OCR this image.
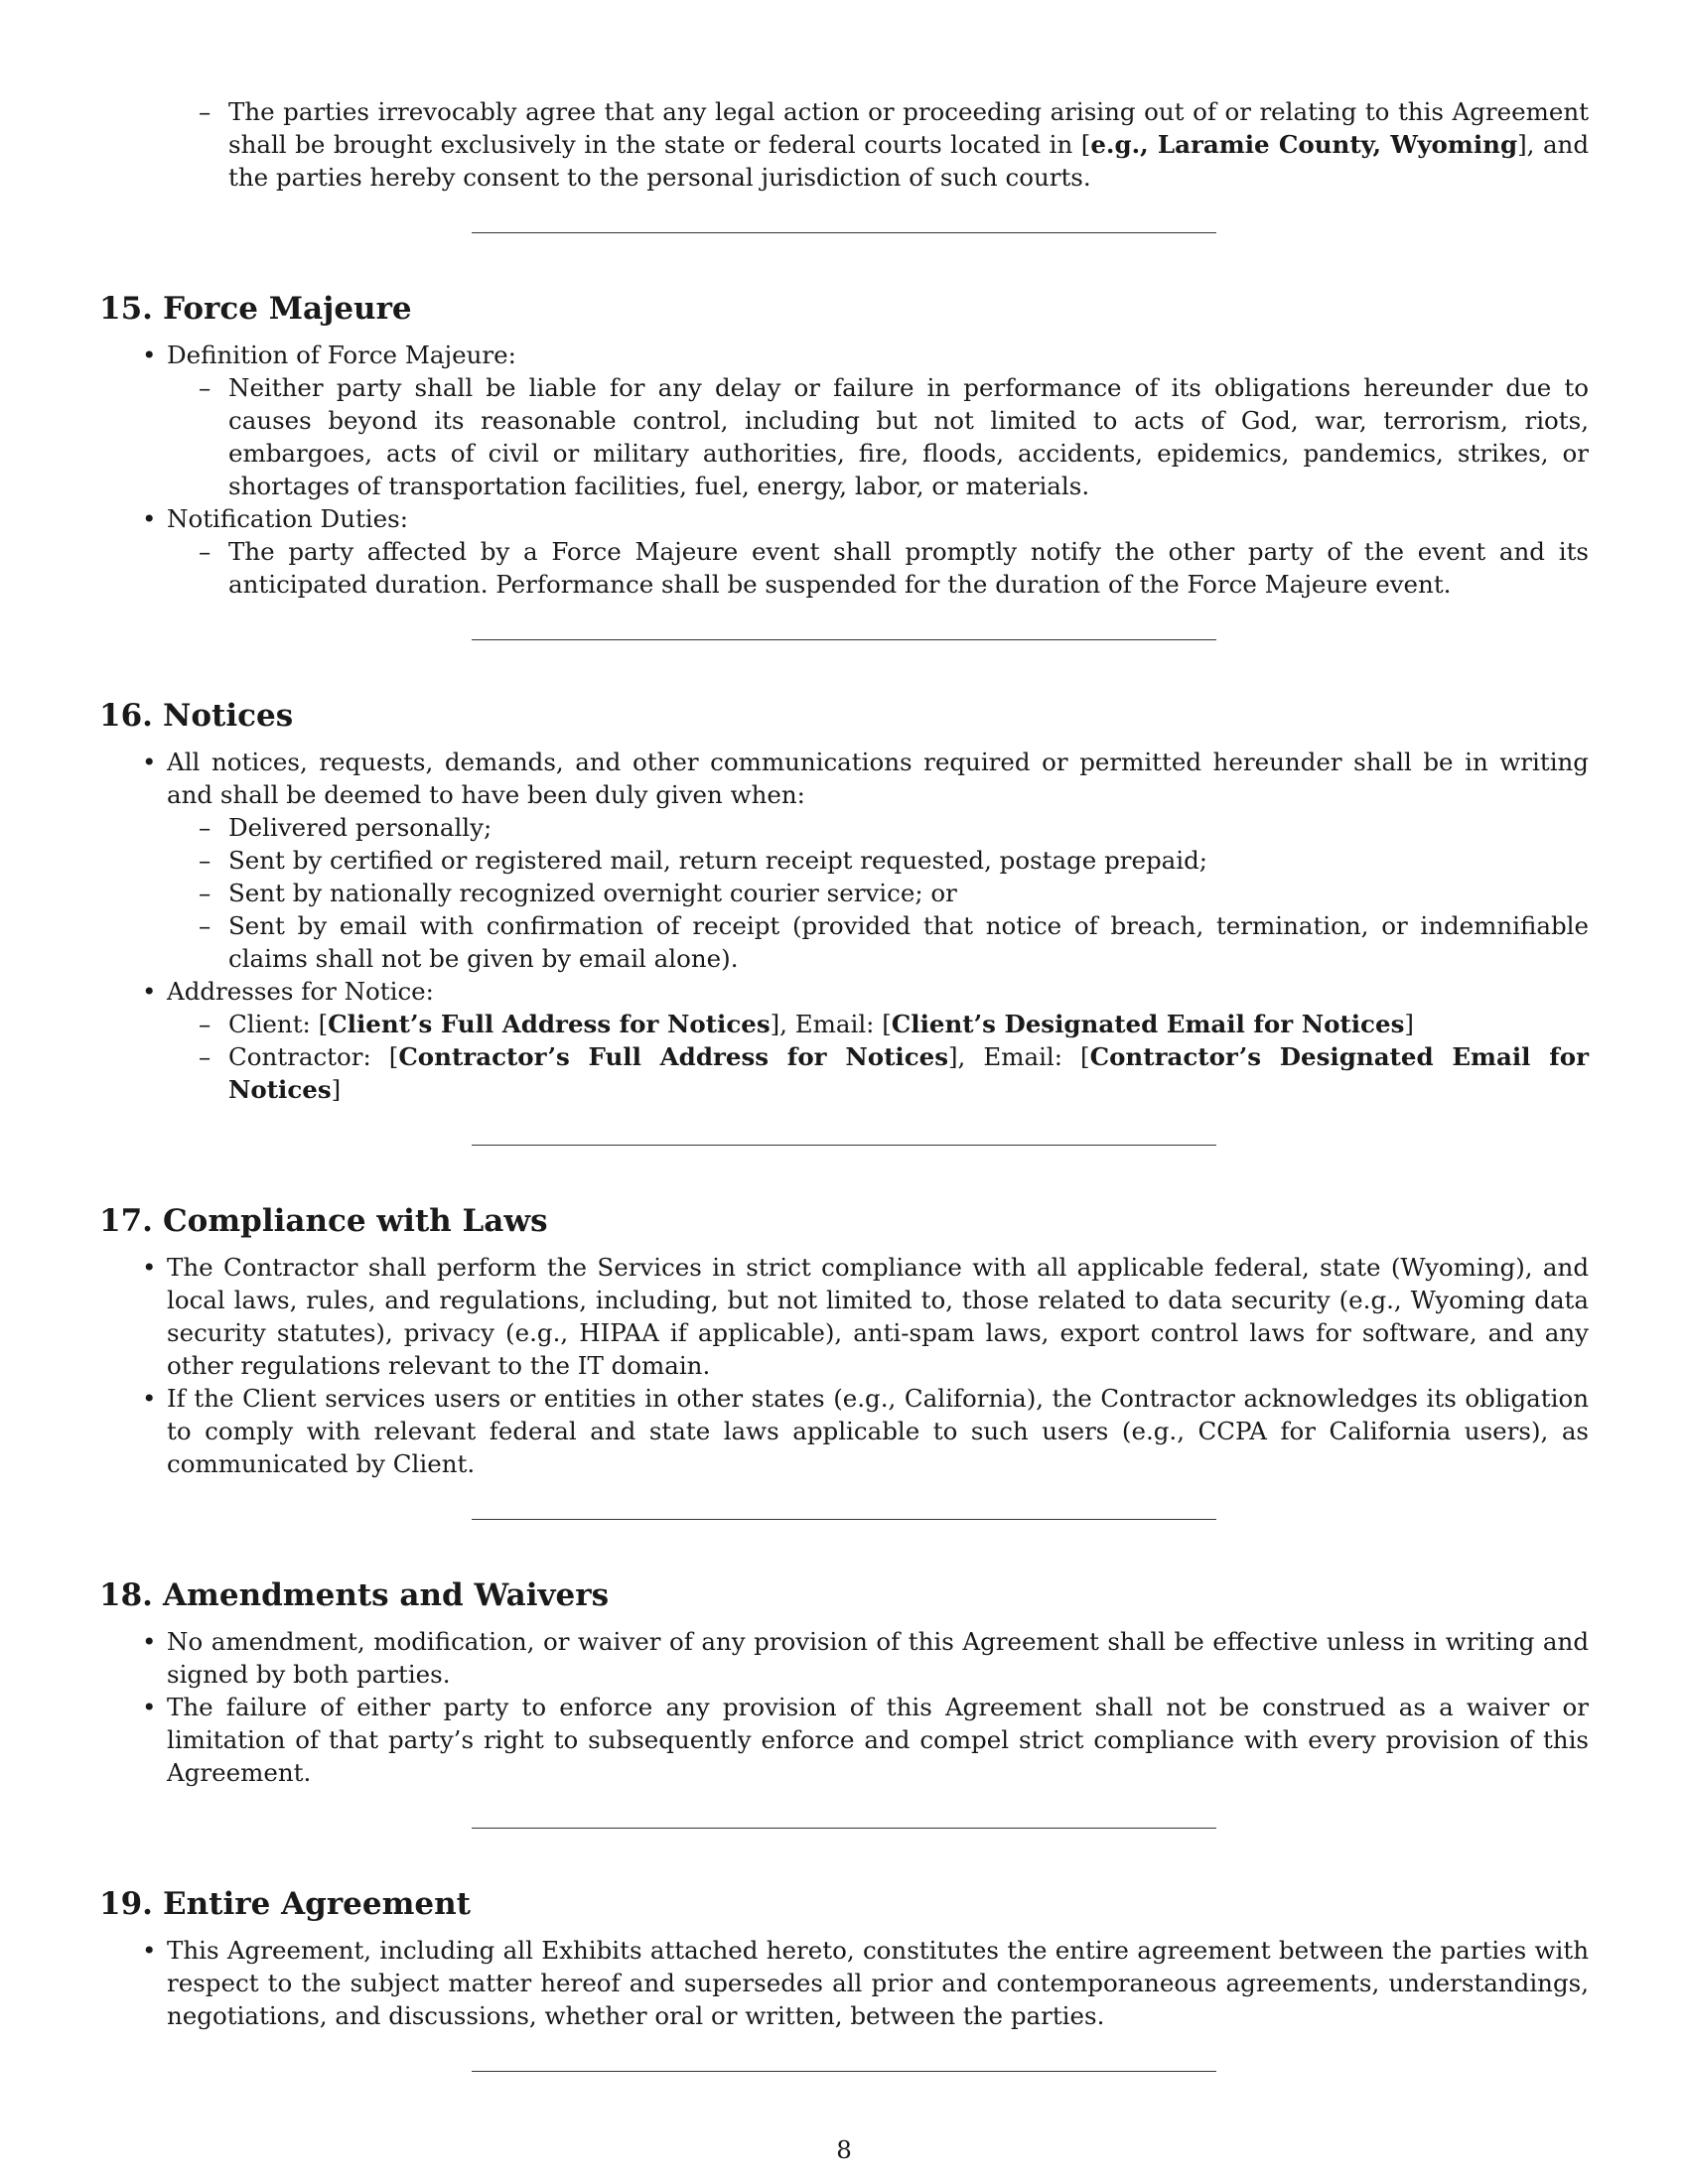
– The parties irrevocably agree that any legal action or proceeding arising out of or relating to this Agreement shall be brought exclusively in the state or federal courts located in [e.g., Laramie County, Wyoming], and the parties hereby consent to the personal jurisdiction of such courts.

15. Force Majeure

• Definition of Force Majeure:

– Neither party shall be liable for any delay or failure in performance of its obligations hereunder due to causes beyond its reasonable control, including but not limited to acts of God, war, terrorism, riots, embargoes, acts of civil or military authorities, fire, floods, accidents, epidemics, pandemics, strikes, or shortages of transportation facilities, fuel, energy, labor, or materials.

• Notification Duties:

– The party affected by a Force Majeure event shall promptly notify the other party of the event and its anticipated duration. Performance shall be suspended for the duration of the Force Majeure event.

16. Notices

• All notices, requests, demands, and other communications required or permitted hereunder shall be in writing and shall be deemed to have been duly given when:

– Delivered personally;

– Sent by certified or registered mail, return receipt requested, postage prepaid;

– Sent by nationally recognized overnight courier service; or

– Sent by email with confirmation of receipt (provided that notice of breach, termination, or indemnifiable claims shall not be given by email alone).

• Addresses for Notice:

– Client: [Client’s Full Address for Notices], Email: [Client’s Designated Email for Notices]

– Contractor: [Contractor’s Full Address for Notices], Email: [Contractor’s Designated Email for Notices]

17. Compliance with Laws

• The Contractor shall perform the Services in strict compliance with all applicable federal, state (Wyoming), and local laws, rules, and regulations, including, but not limited to, those related to data security (e.g., Wyoming data security statutes), privacy (e.g., HIPAA if applicable), anti-spam laws, export control laws for software, and any other regulations relevant to the IT domain.

• If the Client services users or entities in other states (e.g., California), the Contractor acknowledges its obligation to comply with relevant federal and state laws applicable to such users (e.g., CCPA for California users), as communicated by Client.

18. Amendments and Waivers

• No amendment, modification, or waiver of any provision of this Agreement shall be effective unless in writing and signed by both parties.

• The failure of either party to enforce any provision of this Agreement shall not be construed as a waiver or limitation of that party’s right to subsequently enforce and compel strict compliance with every provision of this Agreement.

19. Entire Agreement

• This Agreement, including all Exhibits attached hereto, constitutes the entire agreement between the parties with respect to the subject matter hereof and supersedes all prior and contemporaneous agreements, understandings, negotiations, and discussions, whether oral or written, between the parties.

8
